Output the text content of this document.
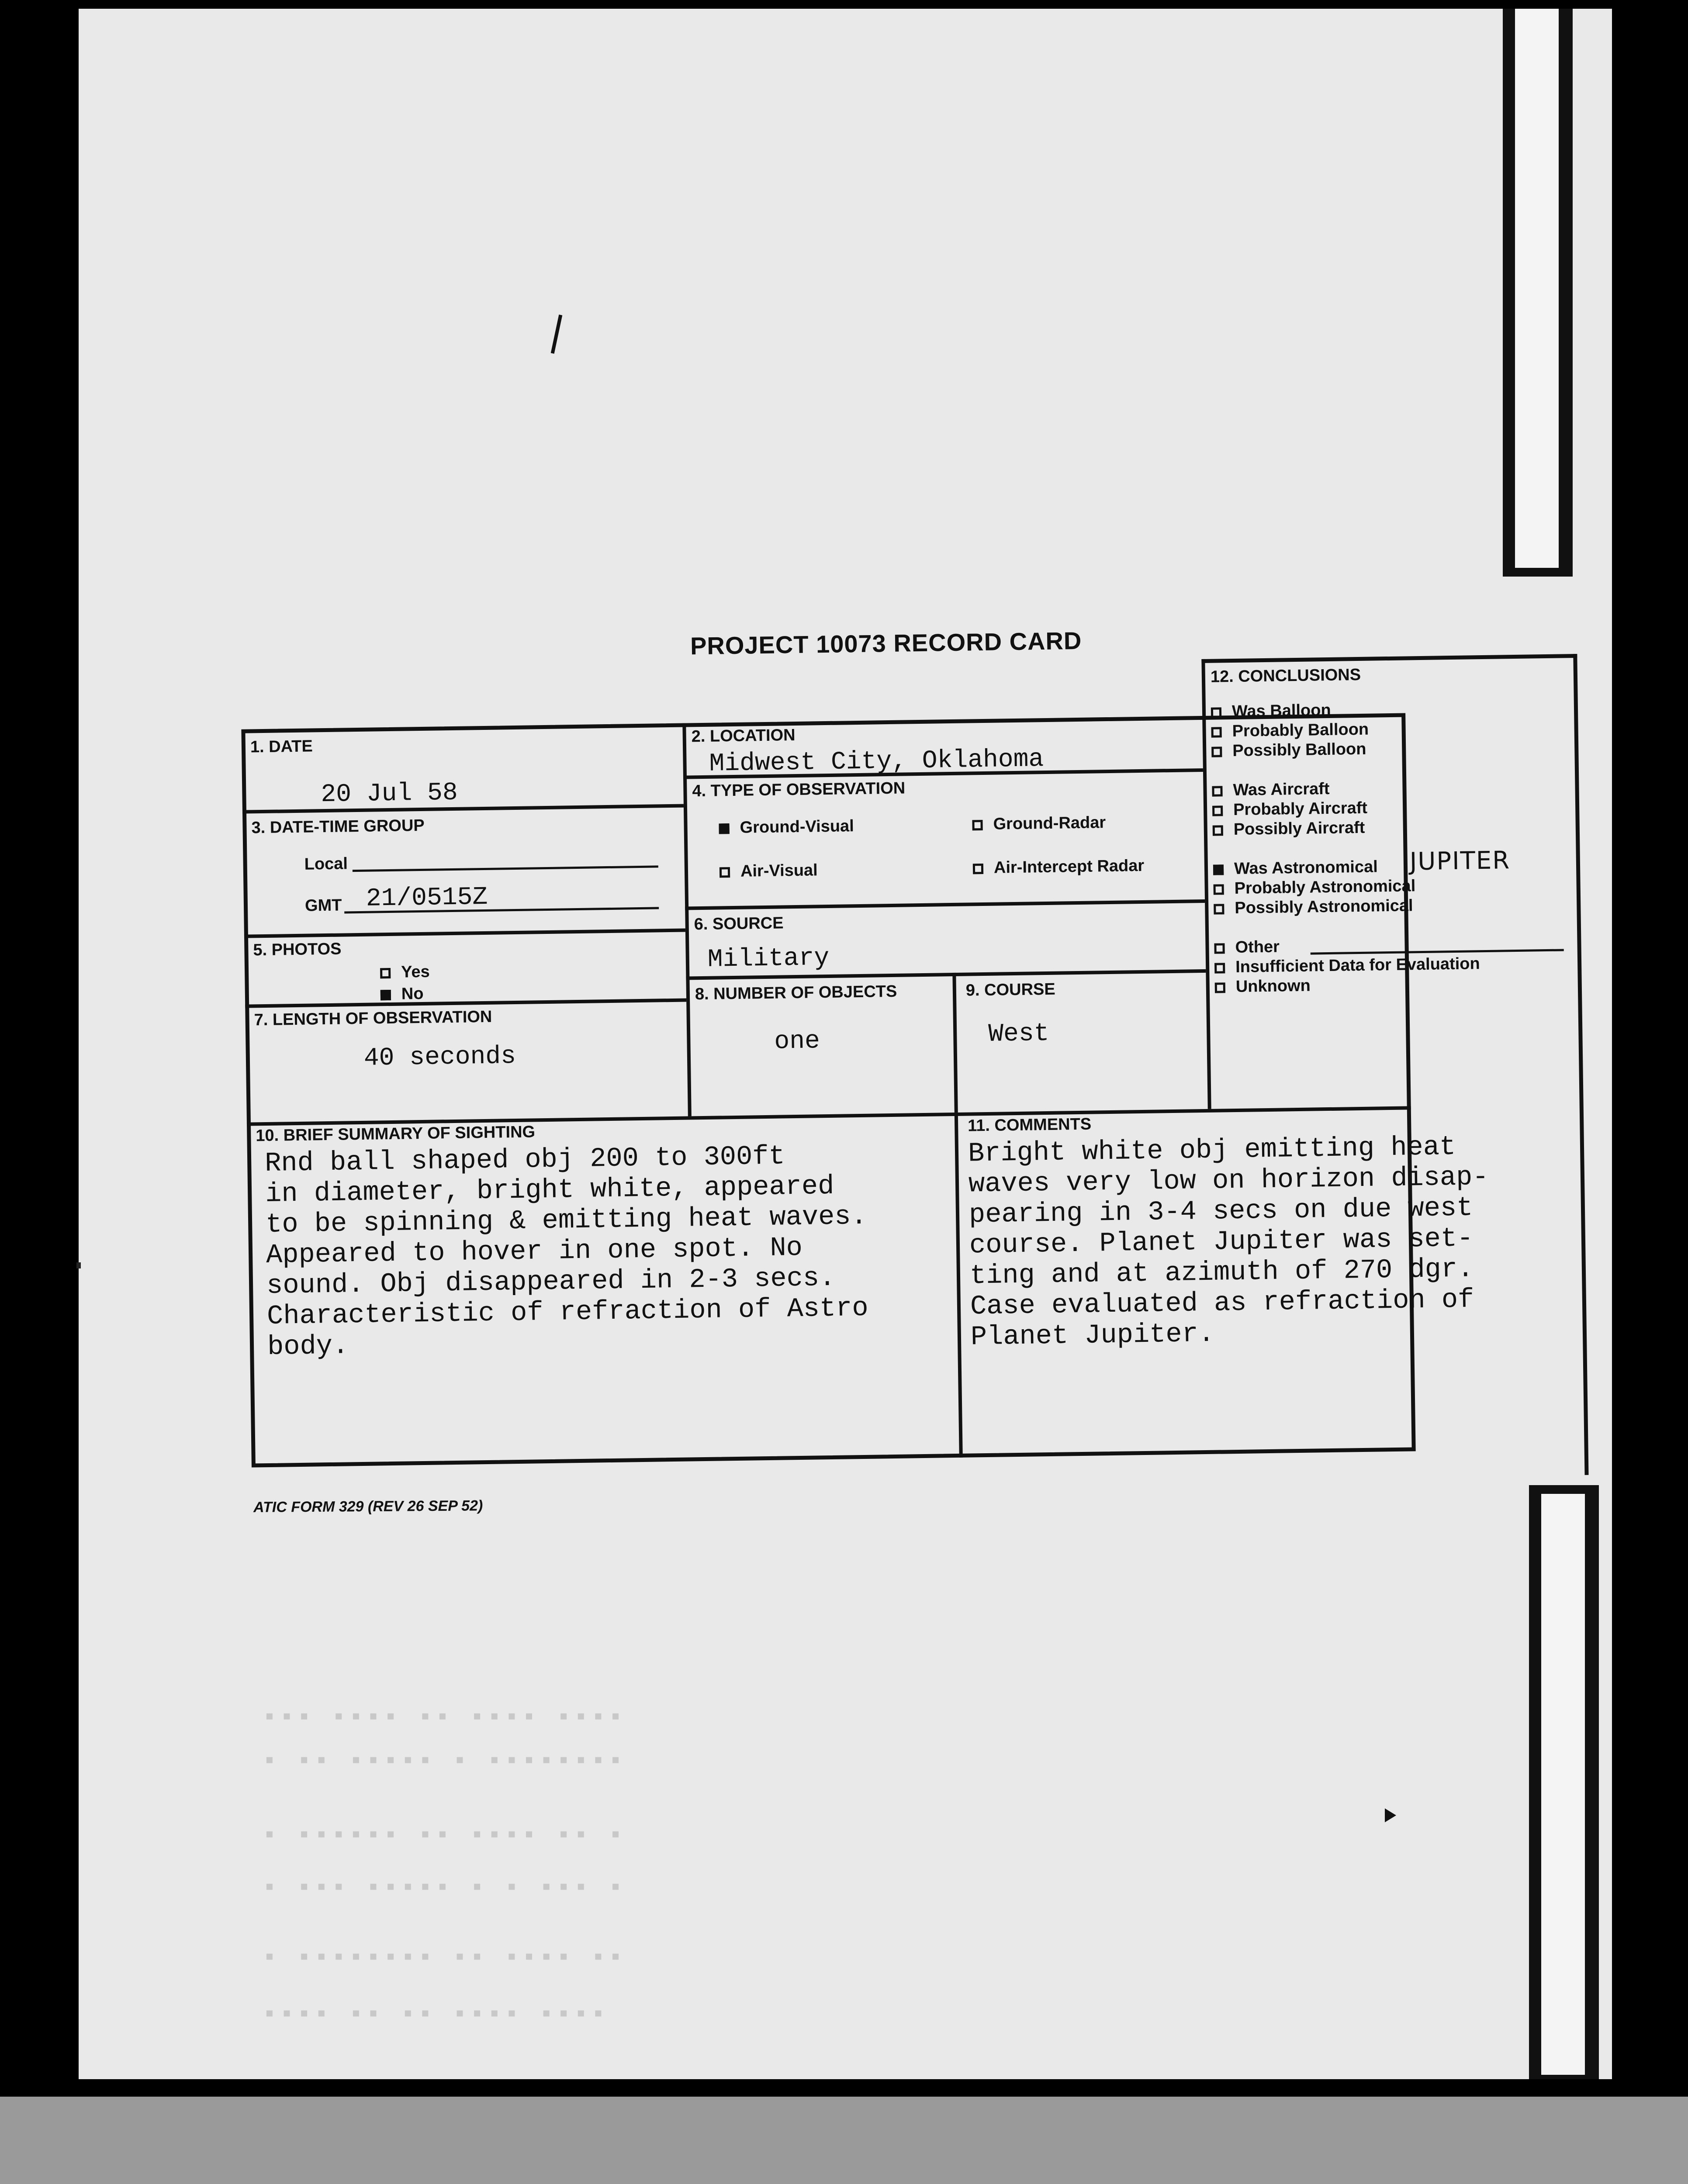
PROJECT 10073 RECORD CARD
1. DATE
20 Jul 58
2. LOCATION
Midwest City, Oklahoma
3. DATE-TIME GROUP
Local
GMT 21/0515Z
4. TYPE OF OBSERVATION
Ground-Visual	Ground-Radar
Air-Visual	Air-Intercept Radar
5. PHOTOS
Yes
No
6. SOURCE
Military
7. LENGTH OF OBSERVATION
40 seconds
8. NUMBER OF OBJECTS
one
9. COURSE
West
10. BRIEF SUMMARY OF SIGHTING
Rnd ball shaped obj 200 to 300ft
in diameter, bright white, appeared
to be spinning & emitting heat waves.
Appeared to hover in one spot. No
sound. Obj disappeared in 2-3 secs.
Characteristic of refraction of Astro
body.
11. COMMENTS
Bright white obj emitting heat
waves very low on horizon disap-
pearing in 3-4 secs on due west
course. Planet Jupiter was set-
ting and at azimuth of 270 dgr.
Case evaluated as refraction of
Planet Jupiter.
12. CONCLUSIONS
Was Balloon
Probably Balloon
Possibly Balloon
Was Aircraft
Probably Aircraft
Possibly Aircraft
Was Astronomical JUPITER
Probably Astronomical
Possibly Astronomical
Other
Insufficient Data for Evaluation
Unknown
ATIC FORM 329 (REV 26 SEP 52)
▪▪▪ ▪▪▪▪ ▪▪ ▪▪▪▪ ▪▪▪▪
▪ ▪▪ ▪▪▪▪▪ ▪ ▪▪▪▪▪▪▪▪
▪ ▪▪▪▪▪▪ ▪▪ ▪▪▪▪ ▪▪ ▪
▪ ▪▪▪ ▪▪▪▪▪ ▪ ▪ ▪▪▪ ▪
▪ ▪▪▪▪▪▪▪▪ ▪▪ ▪▪▪▪ ▪▪
▪▪▪▪ ▪▪ ▪▪ ▪▪▪▪ ▪▪▪▪
